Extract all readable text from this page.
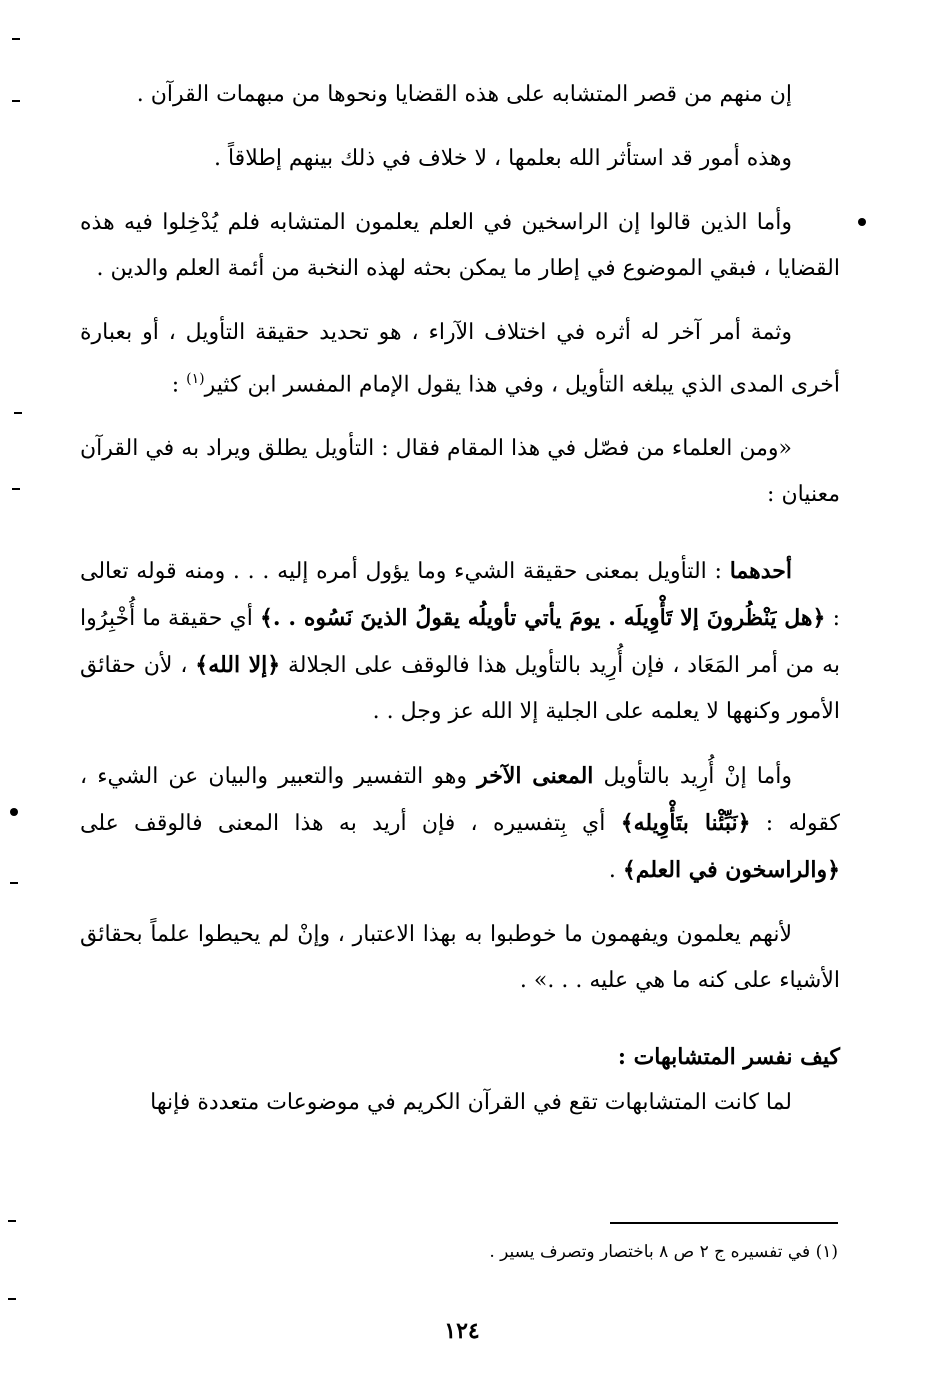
إن منهم من قصر المتشابه على هذه القضايا ونحوها من مبهمات القرآن .

وهذه أمور قد استأثر الله بعلمها ، لا خلاف في ذلك بينهم إطلاقاً .

وأما الذين قالوا إن الراسخين في العلم يعلمون المتشابه فلم يُدْخِلوا فيه هذه القضايا ، فبقي الموضوع في إطار ما يمكن بحثه لهذه النخبة من أئمة العلم والدين .

وثمة أمر آخر له أثره في اختلاف الآراء ، هو تحديد حقيقة التأويل ، أو بعبارة أخرى المدى الذي يبلغه التأويل ، وفي هذا يقول الإمام المفسر ابن كثير$^{(١)}$ :

«ومن العلماء من فصّل في هذا المقام فقال : التأويل يطلق ويراد به في القرآن معنيان :

أحدهما : التأويل بمعنى حقيقة الشيء وما يؤول أمره إليه . . . ومنه قوله تعالى : ﴿هل يَنْظُرونَ إلا تَأْوِيلَه . يومَ يأتي تأويلُه يقولُ الذينَ نَسُوه . .﴾ أي حقيقة ما أُخْبِرُوا به من أمر المَعَاد ، فإن أُرِيد بالتأويل هذا فالوقف على الجلالة ﴿إلا الله﴾ ، لأن حقائق الأمور وكنهها لا يعلمه على الجلية إلا الله عز وجل . .

وأما إنْ أُرِيد بالتأويل المعنى الآخر وهو التفسير والتعبير والبيان عن الشيء ، كقوله : ﴿نَبِّئْنا بتَأْوِيله﴾ أي بِتفسيره ، فإن أريد به هذا المعنى فالوقف على ﴿والراسخون في العلم﴾ .

لأنهم يعلمون ويفهمون ما خوطبوا به بهذا الاعتبار ، وإنْ لم يحيطوا علماً بحقائق الأشياء على كنه ما هي عليه . . .» .

كيف نفسر المتشابهات :

لما كانت المتشابهات تقع في القرآن الكريم في موضوعات متعددة فإنها

(١) في تفسيره ج ٢ ص ٨ باختصار وتصرف يسير .
١٢٤
